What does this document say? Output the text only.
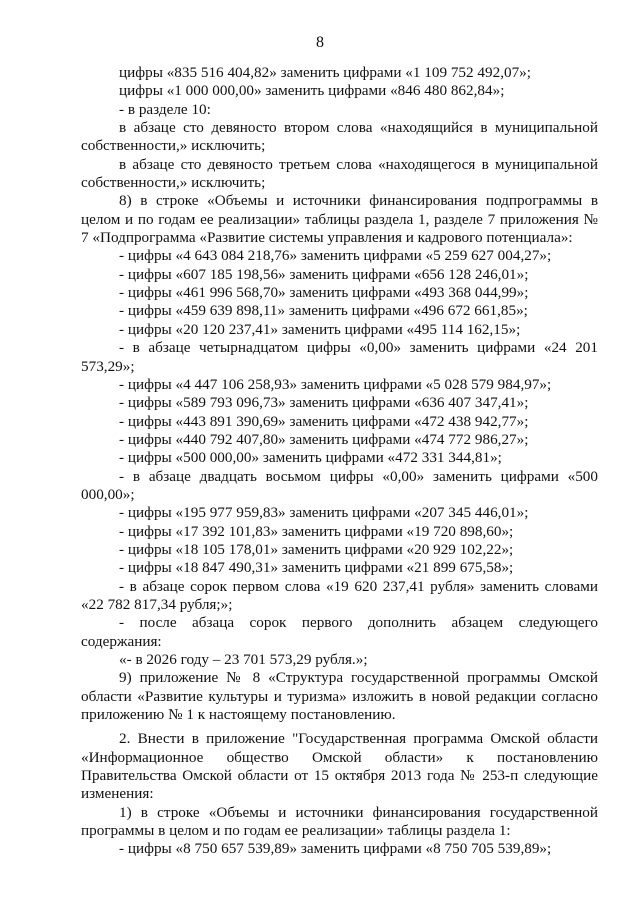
8

цифры «835 516 404,82» заменить цифрами «1 109 752 492,07»;

цифры «1 000 000,00» заменить цифрами «846 480 862,84»;

- в разделе 10:

в абзаце сто девяносто втором слова «находящийся в муниципальной собственности,» исключить;

в абзаце сто девяносто третьем слова «находящегося в муниципальной собственности,» исключить;

8) в строке «Объемы и источники финансирования подпрограммы в целом и по годам ее реализации» таблицы раздела 1, разделе 7 приложения № 7 «Подпрограмма «Развитие системы управления и кадрового потенциала»:

- цифры «4 643 084 218,76» заменить цифрами «5 259 627 004,27»;

- цифры «607 185 198,56» заменить цифрами «656 128 246,01»;

- цифры «461 996 568,70» заменить цифрами «493 368 044,99»;

- цифры «459 639 898,11» заменить цифрами «496 672 661,85»;

- цифры «20 120 237,41» заменить цифрами «495 114 162,15»;

- в абзаце четырнадцатом цифры «0,00» заменить цифрами «24 201 573,29»;

- цифры «4 447 106 258,93» заменить цифрами «5 028 579 984,97»;

- цифры «589 793 096,73» заменить цифрами «636 407 347,41»;

- цифры «443 891 390,69» заменить цифрами «472 438 942,77»;

- цифры «440 792 407,80» заменить цифрами «474 772 986,27»;

- цифры «500 000,00» заменить цифрами «472 331 344,81»;

- в абзаце двадцать восьмом цифры «0,00» заменить цифрами «500 000,00»;

- цифры «195 977 959,83» заменить цифрами «207 345 446,01»;

- цифры «17 392 101,83» заменить цифрами «19 720 898,60»;

- цифры «18 105 178,01» заменить цифрами «20 929 102,22»;

- цифры «18 847 490,31» заменить цифрами «21 899 675,58»;

- в абзаце сорок первом слова «19 620 237,41 рубля» заменить словами «22 782 817,34 рубля;»;

- после абзаца сорок первого дополнить абзацем следующего содержания:

«- в 2026 году – 23 701 573,29 рубля.»;

9) приложение № 8 «Структура государственной программы Омской области «Развитие культуры и туризма» изложить в новой редакции согласно приложению № 1 к настоящему постановлению.

2. Внести в приложение "Государственная программа Омской области «Информационное общество Омской области» к постановлению Правительства Омской области от 15 октября 2013 года № 253-п следующие изменения:

1) в строке «Объемы и источники финансирования государственной программы в целом и по годам ее реализации» таблицы раздела 1:

- цифры «8 750 657 539,89» заменить цифрами «8 750 705 539,89»;
